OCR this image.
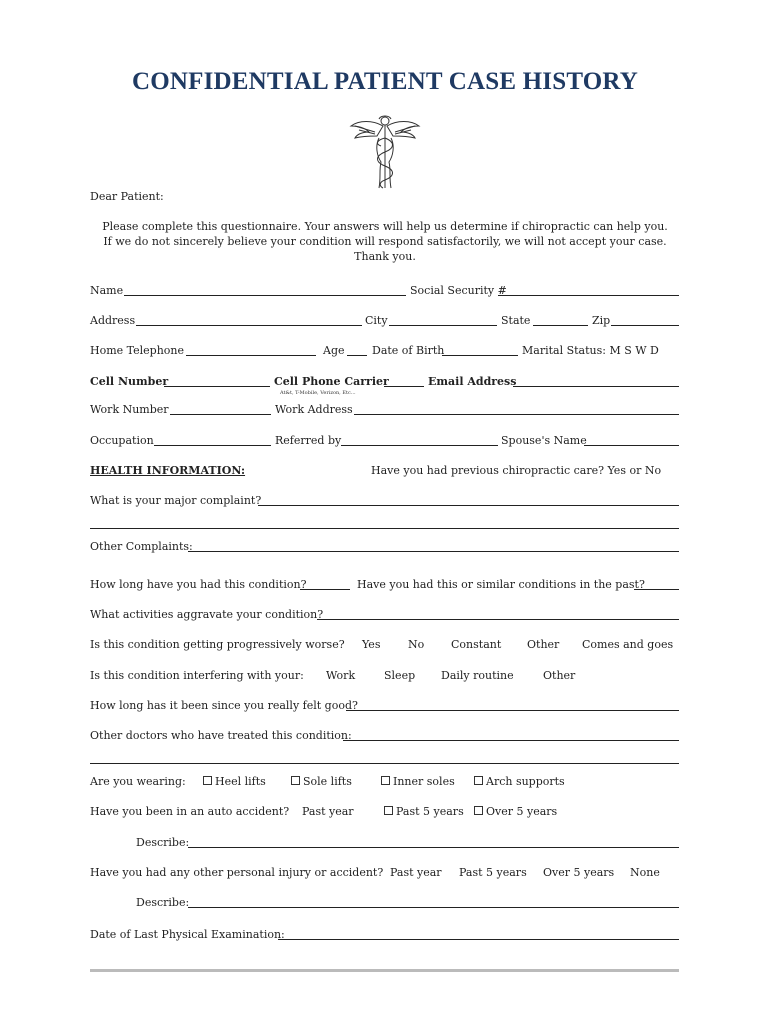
CONFIDENTIAL PATIENT CASE HISTORY
Dear Patient:
Please complete this questionnaire. Your answers will help us determine if chiropractic can help you.
If we do not sincerely believe your condition will respond satisfactorily, we will not accept your case.
Thank you.
Name	Social Security #
Address	City	State	Zip
Home Telephone	Age	Date of Birth	Marital Status: M S W D
Cell Number	Cell Phone Carrier	Email Address
At&t, T-Mobile, Verizon, Etc...
Work Number	Work Address
Occupation	Referred by	Spouse's Name
HEALTH INFORMATION:	Have you had previous chiropractic care? Yes or No
What is your major complaint?
Other Complaints:
How long have you had this condition?	Have you had this or similar conditions in the past?
What activities aggravate your condition?
Is this condition getting progressively worse? Yes	No Constant Other Comes and goes
Is this condition interfering with your: Work	Sleep Daily routine	Other
How long has it been since you really felt good?
Other doctors who have treated this condition:
Are you wearing:	Heel lifts	Sole lifts	Inner soles	Arch supports
Have you been in an auto accident? Past year	Past 5 years	Over 5 years
Describe:
Have you had any other personal injury or accident? Past year Past 5 years Over 5 years None
Describe:
Date of Last Physical Examination:
